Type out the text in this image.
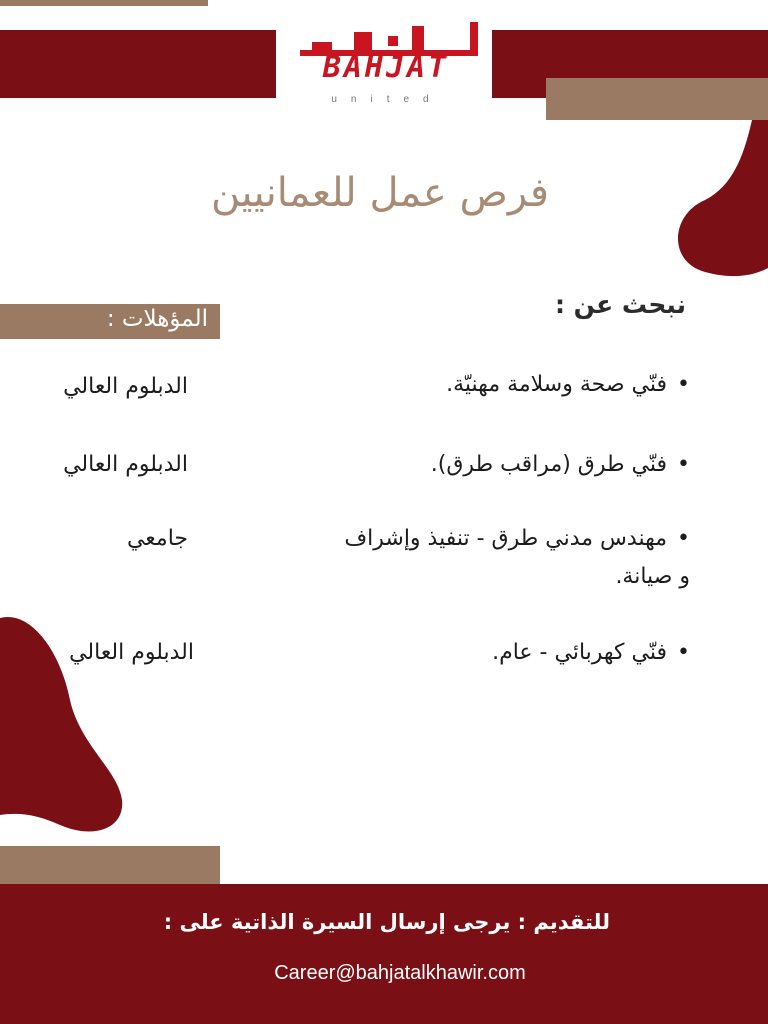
BAHJAT
united
فرص عمل للعمانيين
نبحث عن :
المؤهلات :
•فنّي صحة وسلامة مهنيّة.
الدبلوم العالي
•فنّي طرق (مراقب طرق).
الدبلوم العالي
•مهندس مدني طرق - تنفيذ وإشراف و صيانة.
جامعي
•فنّي كهربائي - عام.
الدبلوم العالي
للتقديم : يرجى إرسال السيرة الذاتية على :
Career@bahjatalkhawir.com
